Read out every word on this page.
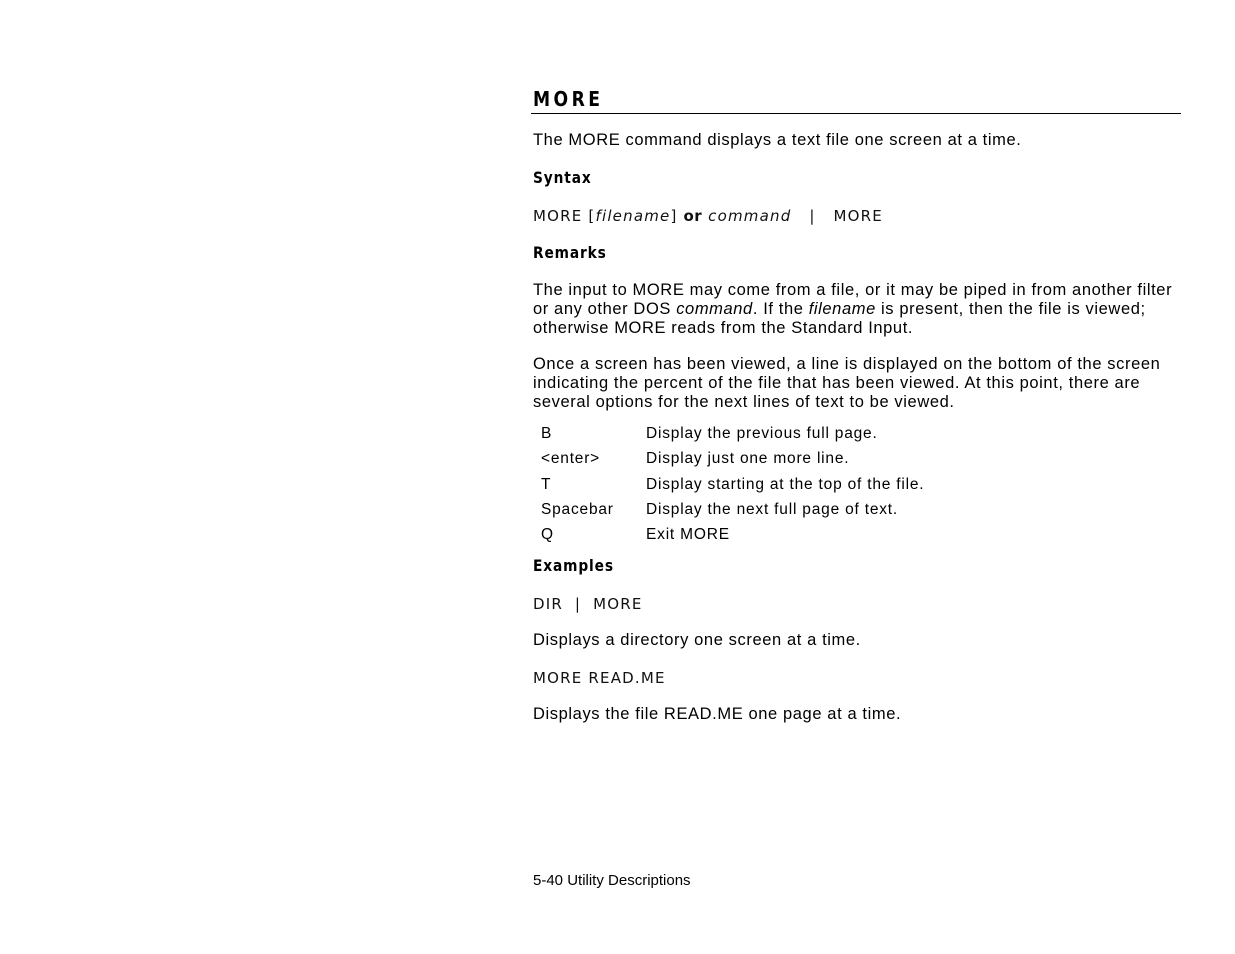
MORE
The MORE command displays a text file one screen at a time.
Syntax
MORE [filename] or command | MORE
Remarks
The input to MORE may come from a file, or it may be piped in from another filter or any other DOS command. If the filename is present, then the file is viewed; otherwise MORE reads from the Standard Input.
Once a screen has been viewed, a line is displayed on the bottom of the screen indicating the percent of the file that has been viewed. At this point, there are several options for the next lines of text to be viewed.
B	Display the previous full page.
<enter>	Display just one more line.
T	Display starting at the top of the file.
Spacebar Display the next full page of text.
Q	Exit MORE
Examples
DIR  |  MORE
Displays a directory one screen at a time.
MORE READ.ME
Displays the file READ.ME one page at a time.
5-40 Utility Descriptions
